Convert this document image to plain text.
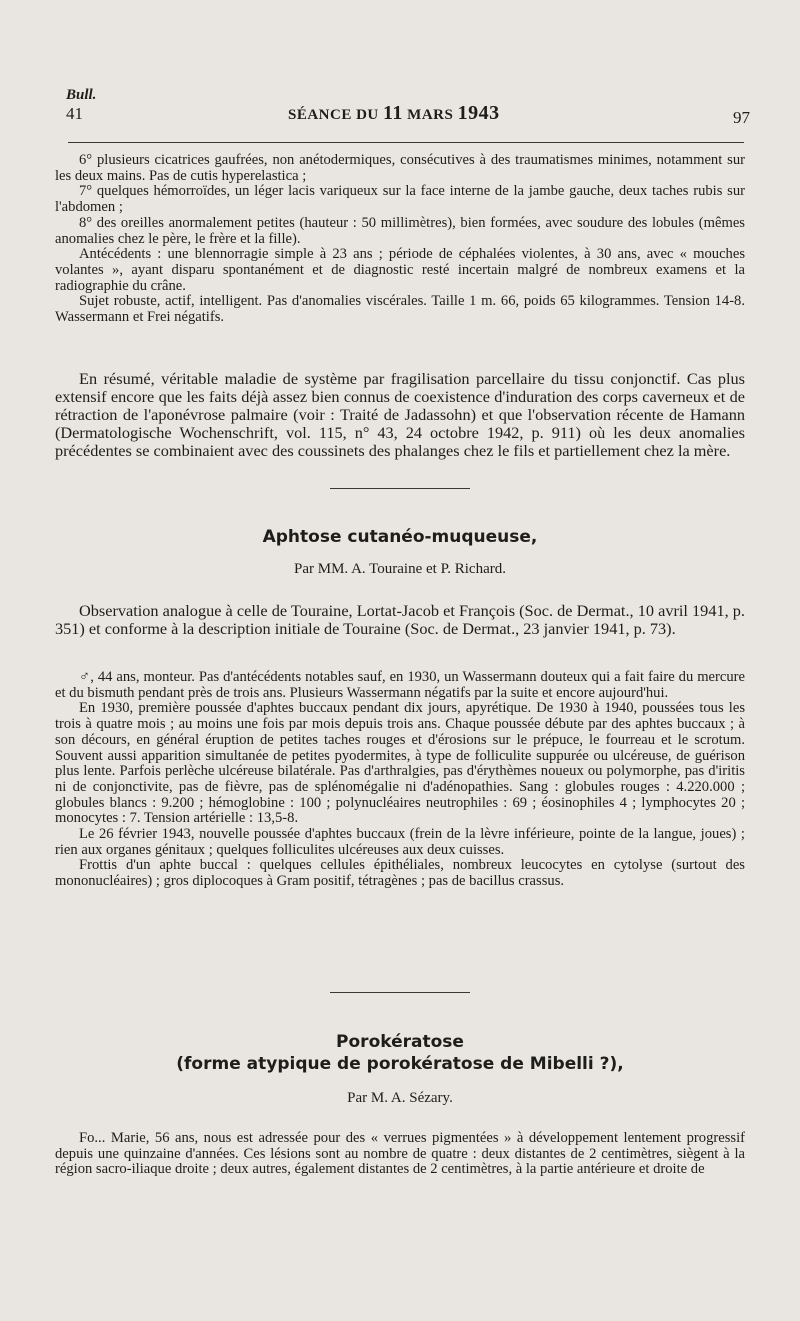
Bull.
41	SÉANCE DU 11 MARS 1943	97

6° plusieurs cicatrices gaufrées, non anétodermiques, consécutives à des traumatismes minimes, notamment sur les deux mains. Pas de cutis hyperelastica ;

7° quelques hémorroïdes, un léger lacis variqueux sur la face interne de la jambe gauche, deux taches rubis sur l'abdomen ;

8° des oreilles anormalement petites (hauteur : 50 millimètres), bien formées, avec soudure des lobules (mêmes anomalies chez le père, le frère et la fille).

Antécédents : une blennorragie simple à 23 ans ; période de céphalées violentes, à 30 ans, avec « mouches volantes », ayant disparu spontanément et de diagnostic resté incertain malgré de nombreux examens et la radiographie du crâne.

Sujet robuste, actif, intelligent. Pas d'anomalies viscérales. Taille 1 m. 66, poids 65 kilogrammes. Tension 14-8. Wassermann et Frei négatifs.

En résumé, véritable maladie de système par fragilisation parcellaire du tissu conjonctif. Cas plus extensif encore que les faits déjà assez bien connus de coexistence d'induration des corps caverneux et de rétraction de l'aponévrose palmaire (voir : Traité de Jadassohn) et que l'observation récente de Hamann (Dermatologische Wochenschrift, vol. 115, n° 43, 24 octobre 1942, p. 911) où les deux anomalies précédentes se combinaient avec des coussinets des phalanges chez le fils et partiellement chez la mère.

Aphtose cutanéo-muqueuse,
Par MM. A. Touraine et P. Richard.

Observation analogue à celle de Touraine, Lortat-Jacob et François (Soc. de Dermat., 10 avril 1941, p. 351) et conforme à la description initiale de Touraine (Soc. de Dermat., 23 janvier 1941, p. 73).

♂, 44 ans, monteur. Pas d'antécédents notables sauf, en 1930, un Wassermann douteux qui a fait faire du mercure et du bismuth pendant près de trois ans. Plusieurs Wassermann négatifs par la suite et encore aujourd'hui.

En 1930, première poussée d'aphtes buccaux pendant dix jours, apyrétique. De 1930 à 1940, poussées tous les trois à quatre mois ; au moins une fois par mois depuis trois ans. Chaque poussée débute par des aphtes buccaux ; à son décours, en général éruption de petites taches rouges et d'érosions sur le prépuce, le fourreau et le scrotum. Souvent aussi apparition simultanée de petites pyodermites, à type de folliculite suppurée ou ulcéreuse, de guérison plus lente. Parfois perlèche ulcéreuse bilatérale. Pas d'arthralgies, pas d'érythèmes noueux ou polymorphe, pas d'iritis ni de conjonctivite, pas de fièvre, pas de splénomégalie ni d'adénopathies. Sang : globules rouges : 4.220.000 ; globules blancs : 9.200 ; hémoglobine : 100 ; polynucléaires neutrophiles : 69 ; éosinophiles 4 ; lymphocytes 20 ; monocytes : 7. Tension artérielle : 13,5-8.

Le 26 février 1943, nouvelle poussée d'aphtes buccaux (frein de la lèvre inférieure, pointe de la langue, joues) ; rien aux organes génitaux ; quelques folliculites ulcéreuses aux deux cuisses.

Frottis d'un aphte buccal : quelques cellules épithéliales, nombreux leucocytes en cytolyse (surtout des mononucléaires) ; gros diplocoques à Gram positif, tétragènes ; pas de bacillus crassus.

Porokératose
(forme atypique de porokératose de Mibelli ?),
Par M. A. Sézary.

Fo... Marie, 56 ans, nous est adressée pour des « verrues pigmentées » à développement lentement progressif depuis une quinzaine d'années. Ces lésions sont au nombre de quatre : deux distantes de 2 centimètres, siègent à la région sacro-iliaque droite ; deux autres, également distantes de 2 centimètres, à la partie antérieure et droite de
